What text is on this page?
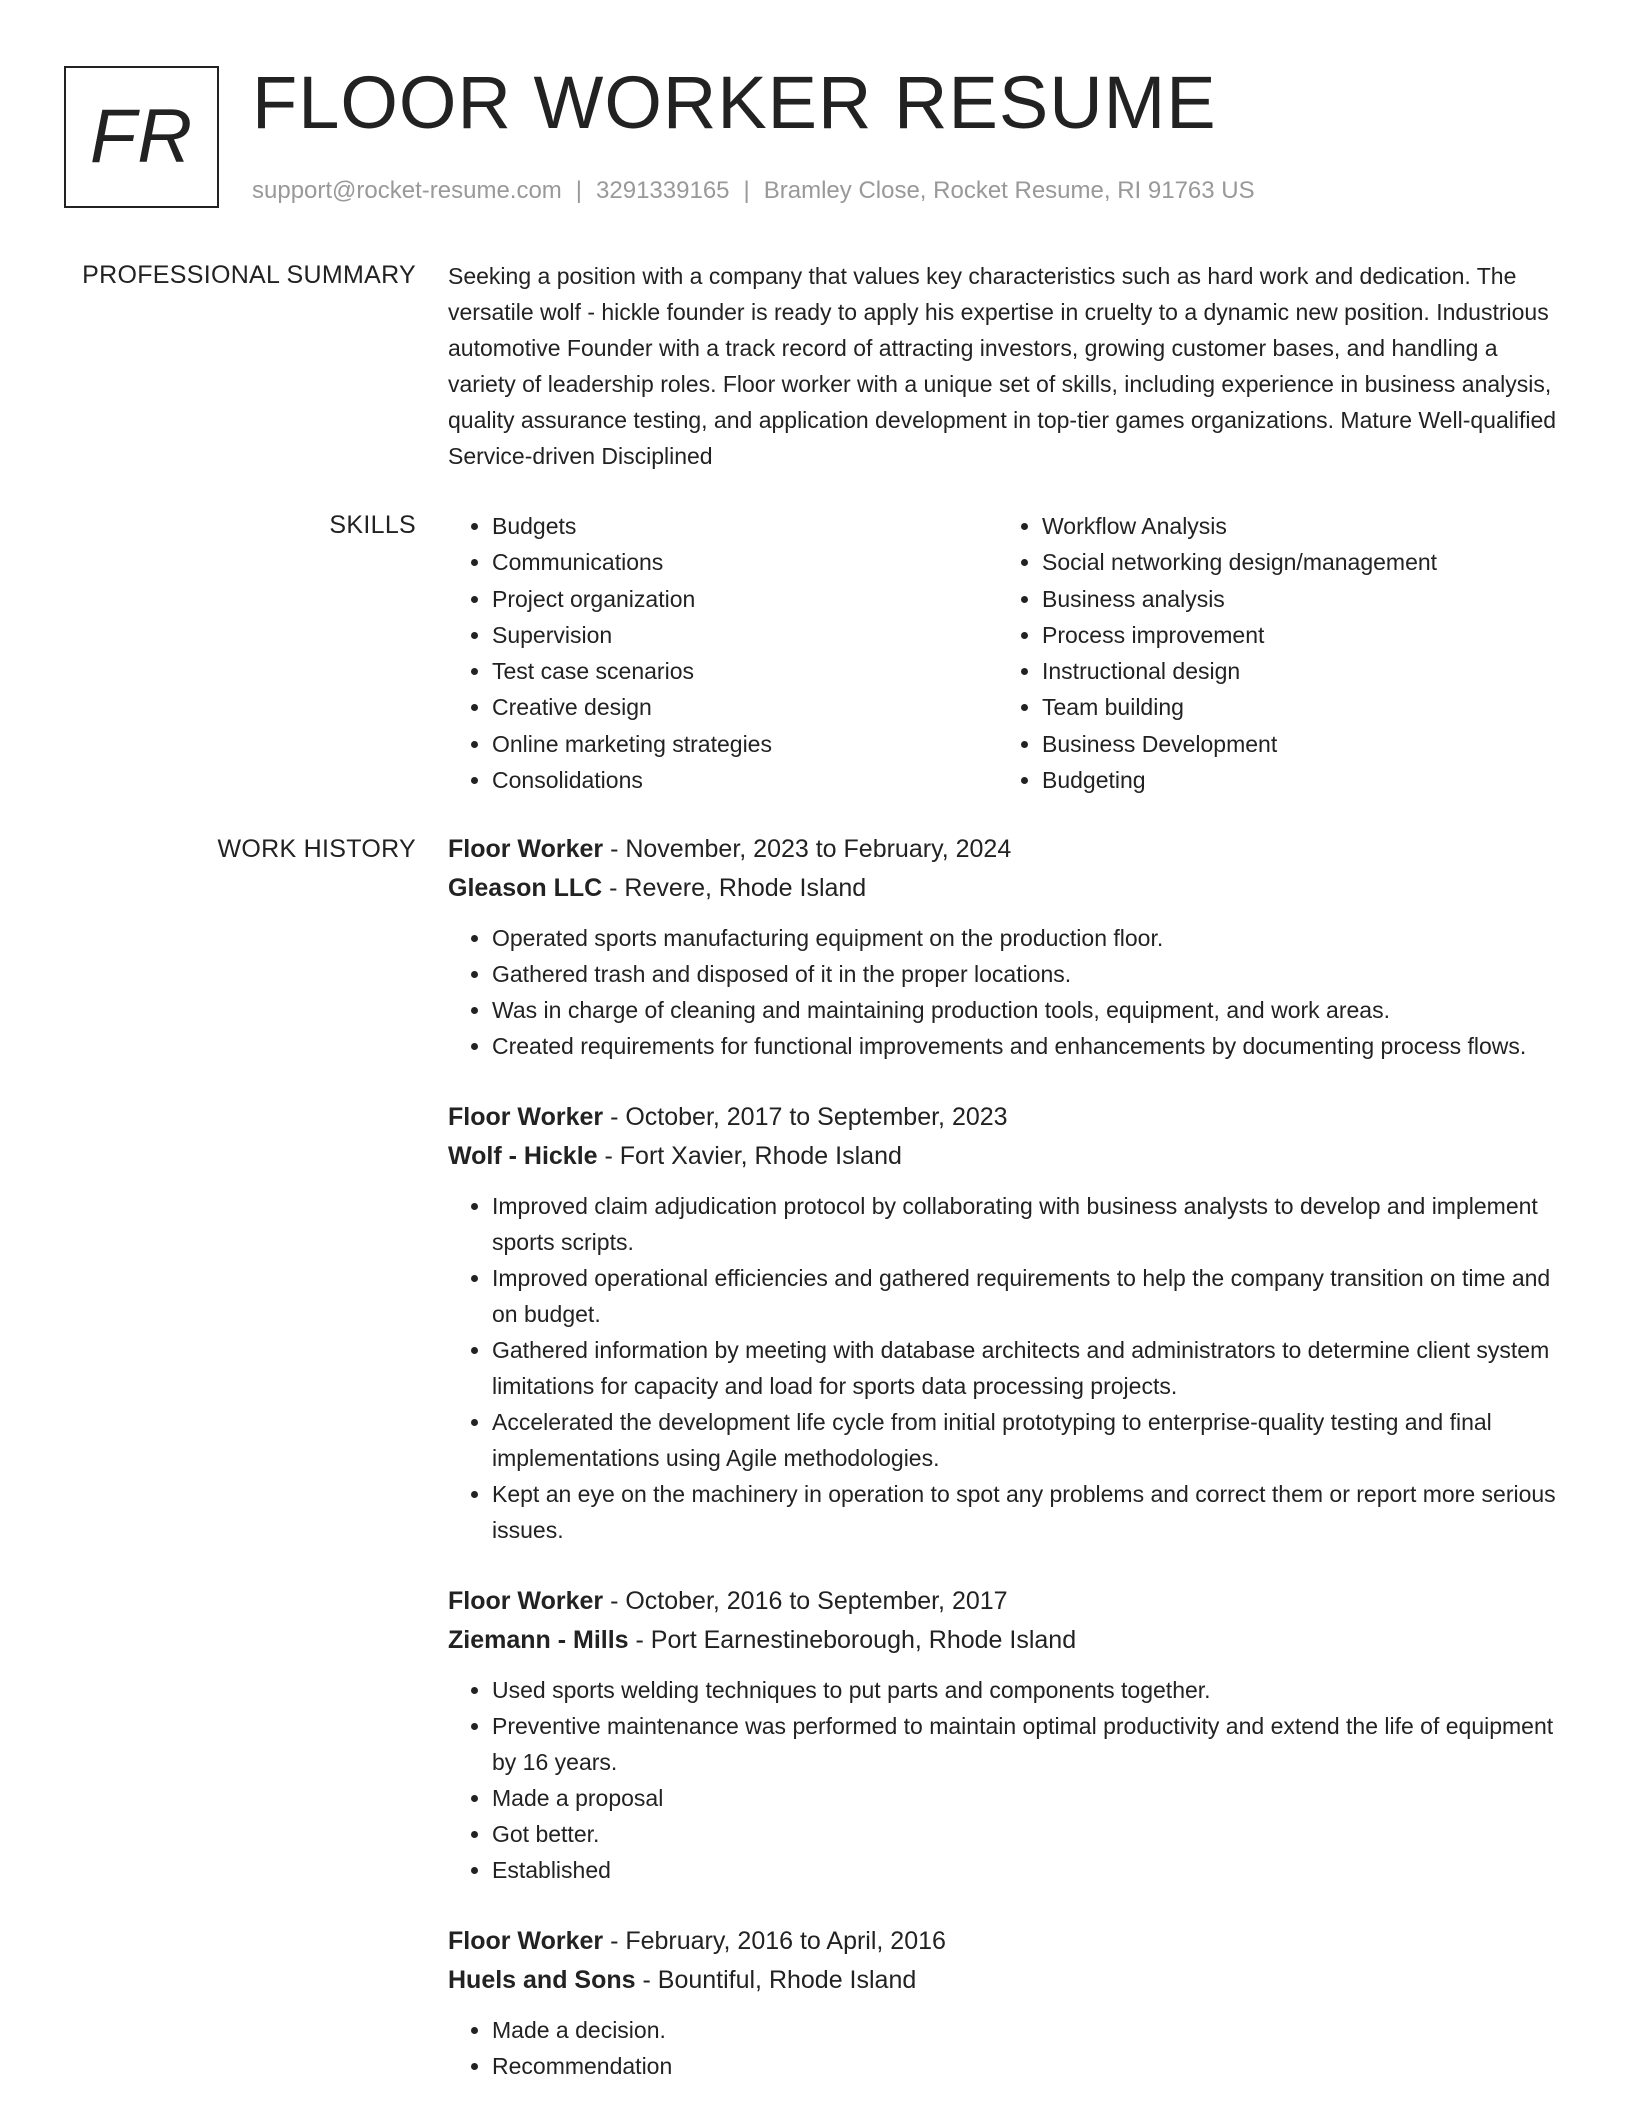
FR FLOOR WORKER RESUME
support@rocket-resume.com | 3291339165 | Bramley Close, Rocket Resume, RI 91763 US
PROFESSIONAL SUMMARY Seeking a position with a company that values key characteristics such as hard work and dedication. The versatile wolf - hickle founder is ready to apply his expertise in cruelty to a dynamic new position. Industrious automotive Founder with a track record of attracting investors, growing customer bases, and handling a variety of leadership roles. Floor worker with a unique set of skills, including experience in business analysis, quality assurance testing, and application development in top-tier games organizations. Mature Well-qualified Service-driven Disciplined

SKILLS
•	Budgets
• Communications
• Project organization
• Supervision
• Test case scenarios
• Creative design
• Online marketing strategies
• Consolidations
• Workflow Analysis
• Social networking design/management
• Business analysis
• Process improvement
• Instructional design
• Team building
• Business Development
• Budgeting
WORK HISTORY Floor Worker - November, 2023 to February, 2024
Gleason LLC - Revere, Rhode Island
• Operated sports manufacturing equipment on the production floor.
• Gathered trash and disposed of it in the proper locations.
• Was in charge of cleaning and maintaining production tools, equipment, and work areas.
• Created requirements for functional improvements and enhancements by documenting process flows.
Floor Worker - October, 2017 to September, 2023
Wolf - Hickle - Fort Xavier, Rhode Island
• Improved claim adjudication protocol by collaborating with business analysts to develop and implement sports scripts.
• Improved operational efficiencies and gathered requirements to help the company transition on time and on budget.
• Gathered information by meeting with database architects and administrators to determine client system limitations for capacity and load for sports data processing projects.
• Accelerated the development life cycle from initial prototyping to enterprise-quality testing and final implementations using Agile methodologies.
• Kept an eye on the machinery in operation to spot any problems and correct them or report more serious issues.
Floor Worker - October, 2016 to September, 2017
Ziemann - Mills - Port Earnestineborough, Rhode Island
• Used sports welding techniques to put parts and components together.
• Preventive maintenance was performed to maintain optimal productivity and extend the life of equipment by 16 years.
• Made a proposal
• Got better.
• Established
Floor Worker - February, 2016 to April, 2016
Huels and Sons - Bountiful, Rhode Island
• Made a decision.
• Recommendation
